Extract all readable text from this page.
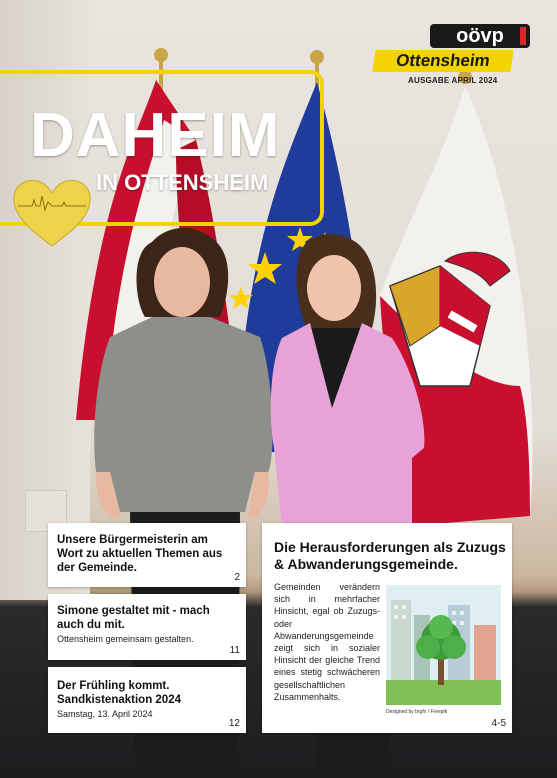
DAHEIM
IN OTTENSHEIM
oövp
Ottensheim
AUSGABE APRIL 2024
Unsere Bürgermeisterin am Wort zu aktuellen Themen aus der Gemeinde.
2
Simone gestaltet mit - mach auch du mit.
Ottensheim gemeinsam gestalten.
11
Der Frühling kommt. Sandkistenaktion 2024
Samstag, 13. April 2024
12
Die Herausforderungen als Zuzugs & Abwanderungsgemeinde.
Gemeinden verändern sich in mehrfacher Hinsicht, egal ob Zuzugs- oder Abwanderungsgemeinde zeigt sich in sozialer Hinsicht der gleiche Trend eines stetig schwächeren gesellschaftlichen Zusammenhalts.
Designed by brgfx / Freepik
4-5
